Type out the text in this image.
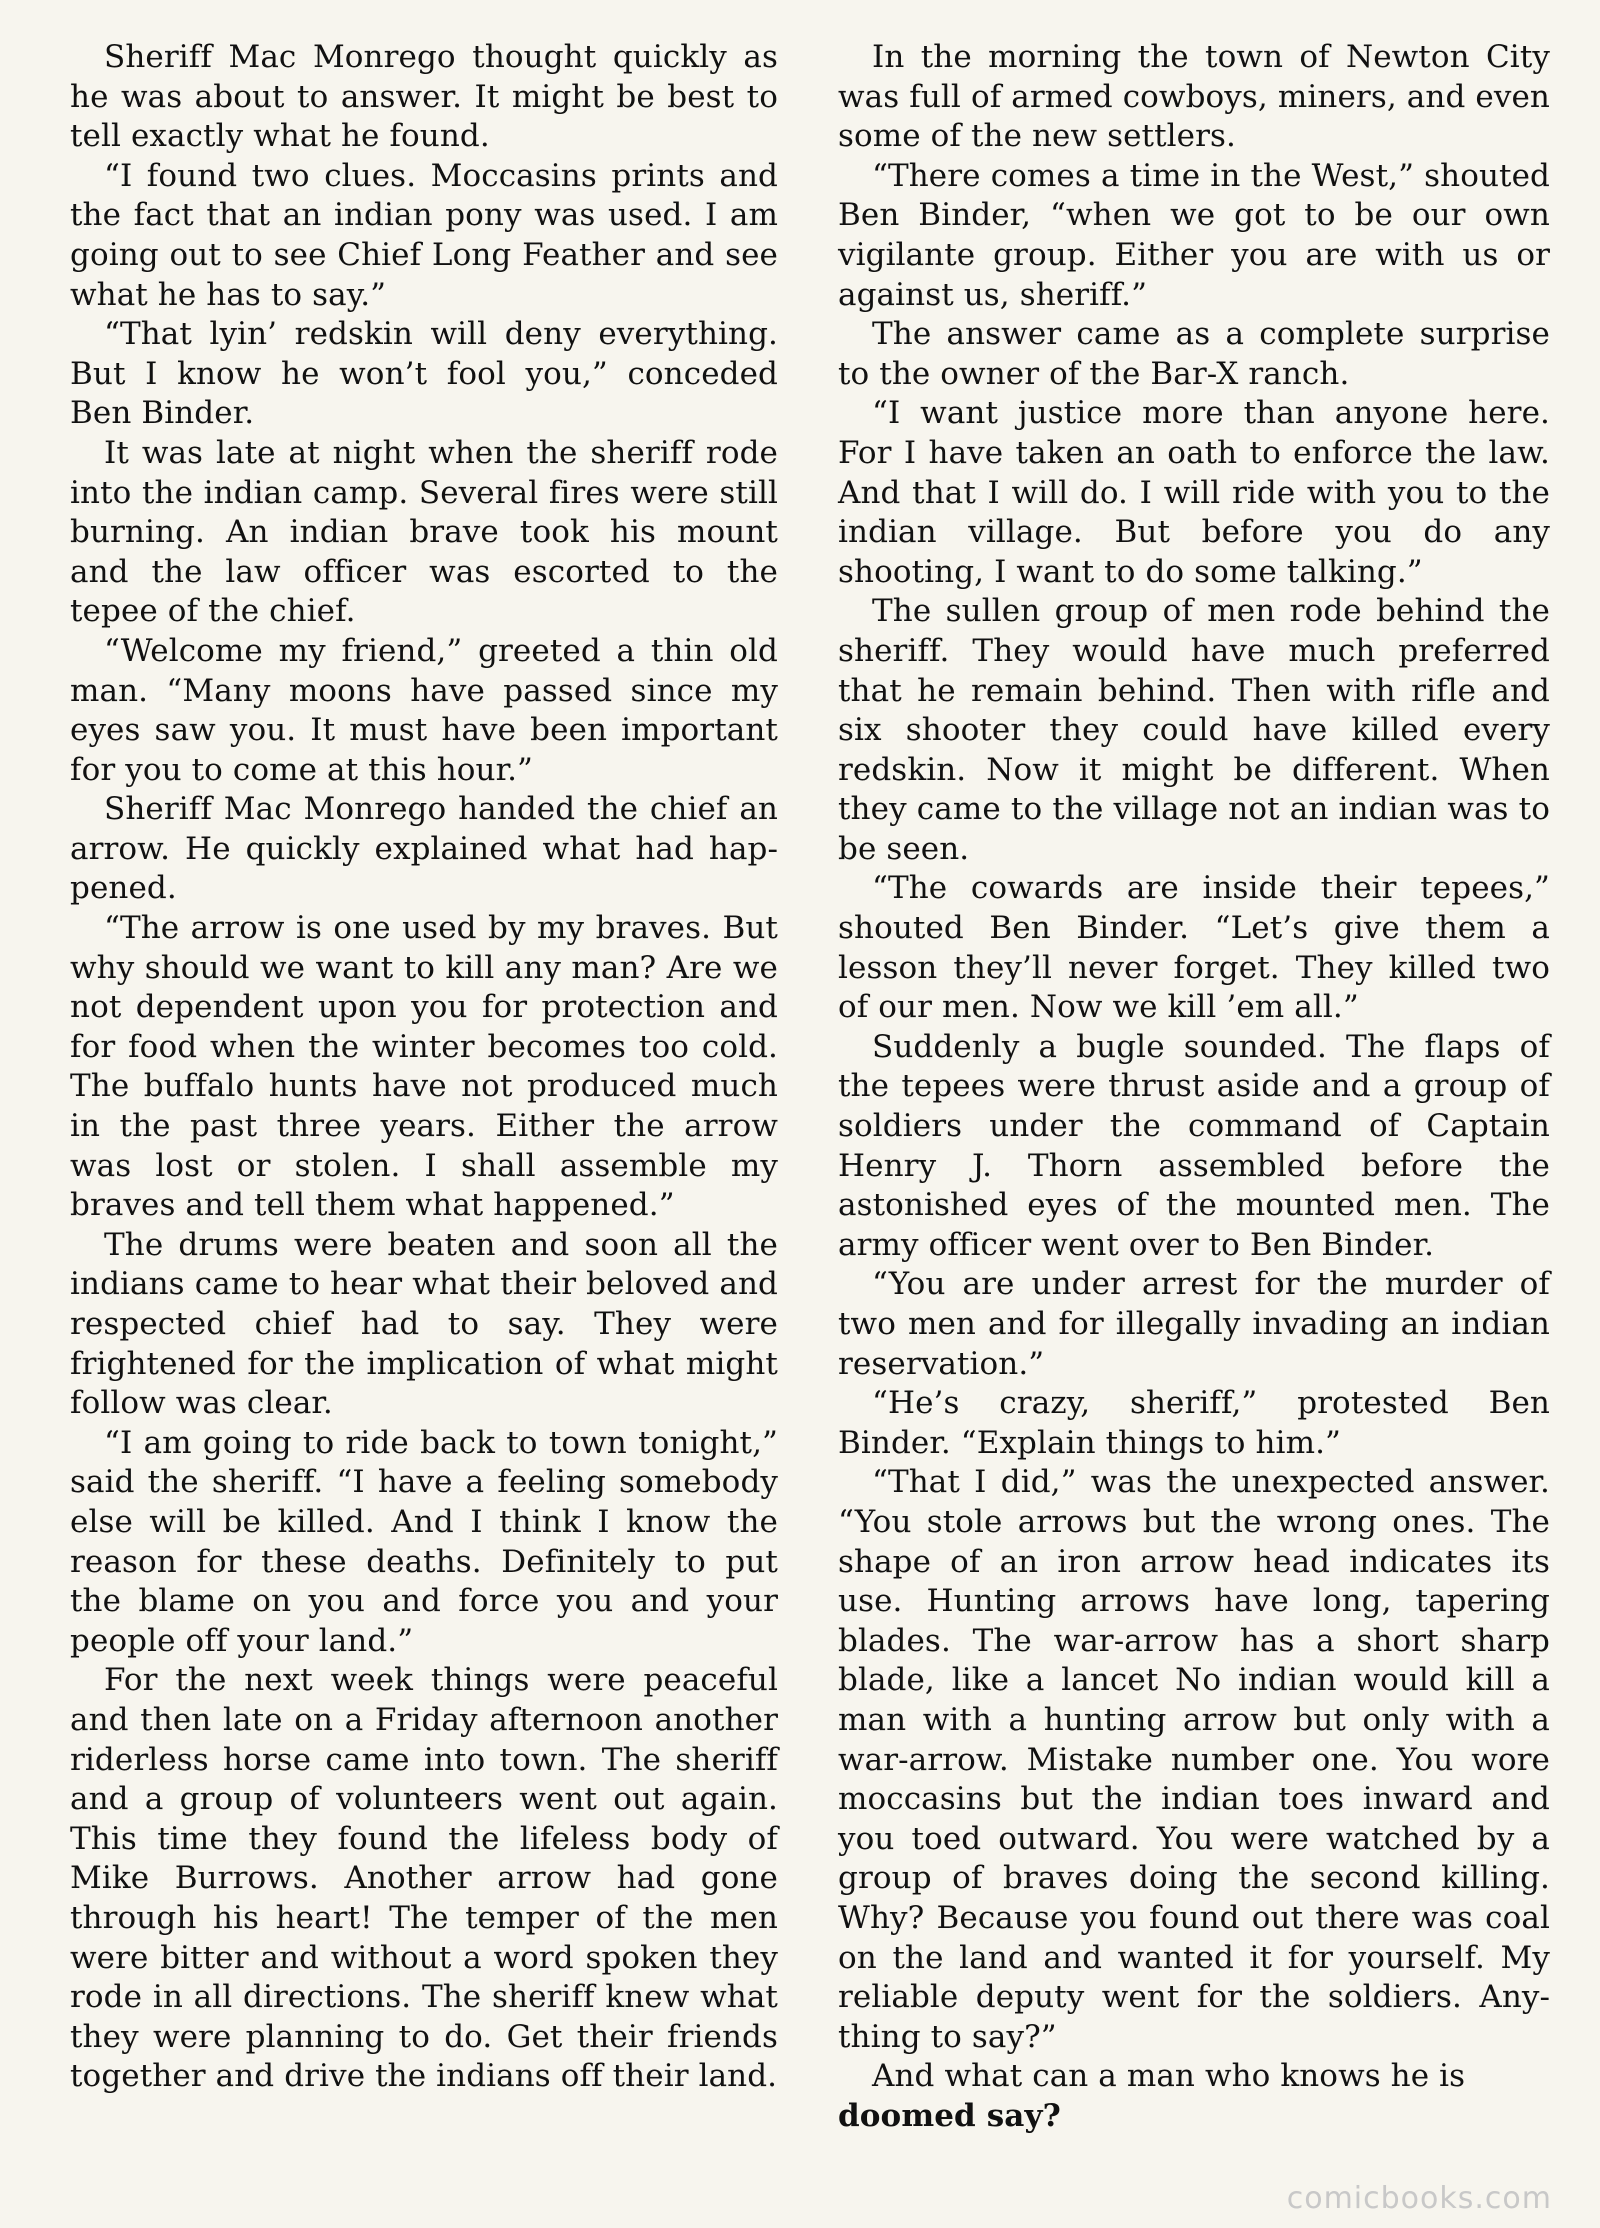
Sheriff Mac Monrego thought quickly as he was about to answer. It might be best to tell exactly what he found.

“I found two clues. Moccasins prints and the fact that an indian pony was used. I am going out to see Chief Long Feather and see what he has to say.”

“That lyin’ redskin will deny everything. But I know he won’t fool you,” conceded Ben Binder.

It was late at night when the sheriff rode into the indian camp. Several fires were still burning. An indian brave took his mount and the law officer was escorted to the tepee of the chief.

“Welcome my friend,” greeted a thin old man. “Many moons have passed since my eyes saw you. It must have been important for you to come at this hour.”

Sheriff Mac Monrego handed the chief an arrow. He quickly explained what had happened.

“The arrow is one used by my braves. But why should we want to kill any man? Are we not dependent upon you for protection and for food when the winter becomes too cold. The buffalo hunts have not produced much in the past three years. Either the arrow was lost or stolen. I shall assemble my braves and tell them what happened.”

The drums were beaten and soon all the indians came to hear what their beloved and respected chief had to say. They were frightened for the implication of what might follow was clear.

“I am going to ride back to town tonight,” said the sheriff. “I have a feeling somebody else will be killed. And I think I know the reason for these deaths. Definitely to put the blame on you and force you and your people off your land.”

For the next week things were peaceful and then late on a Friday afternoon another riderless horse came into town. The sheriff and a group of volunteers went out again. This time they found the lifeless body of Mike Burrows. Another arrow had gone through his heart! The temper of the men were bitter and without a word spoken they rode in all directions. The sheriff knew what they were planning to do. Get their friends together and drive the indians off their land.

In the morning the town of Newton City was full of armed cowboys, miners, and even some of the new settlers.

“There comes a time in the West,” shouted Ben Binder, “when we got to be our own vigilante group. Either you are with us or against us, sheriff.”

The answer came as a complete surprise to the owner of the Bar-X ranch.

“I want justice more than anyone here. For I have taken an oath to enforce the law. And that I will do. I will ride with you to the indian village. But before you do any shooting, I want to do some talking.”

The sullen group of men rode behind the sheriff. They would have much preferred that he remain behind. Then with rifle and six shooter they could have killed every redskin. Now it might be different. When they came to the village not an indian was to be seen.

“The cowards are inside their tepees,” shouted Ben Binder. “Let’s give them a lesson they’ll never forget. They killed two of our men. Now we kill ’em all.”

Suddenly a bugle sounded. The flaps of the tepees were thrust aside and a group of soldiers under the command of Captain Henry J. Thorn assembled before the astonished eyes of the mounted men. The army officer went over to Ben Binder.

“You are under arrest for the murder of two men and for illegally invading an indian reservation.”

“He’s crazy, sheriff,” protested Ben Binder. “Explain things to him.”

“That I did,” was the unexpected answer. “You stole arrows but the wrong ones. The shape of an iron arrow head indicates its use. Hunting arrows have long, tapering blades. The war-arrow has a short sharp blade, like a lancet No indian would kill a man with a hunting arrow but only with a war-arrow. Mistake number one. You wore moccasins but the indian toes inward and you toed outward. You were watched by a group of braves doing the second killing. Why? Because you found out there was coal on the land and wanted it for yourself. My reliable deputy went for the soldiers. Anything to say?”

And what can a man who knows he is doomed say?

comicbooks.com
